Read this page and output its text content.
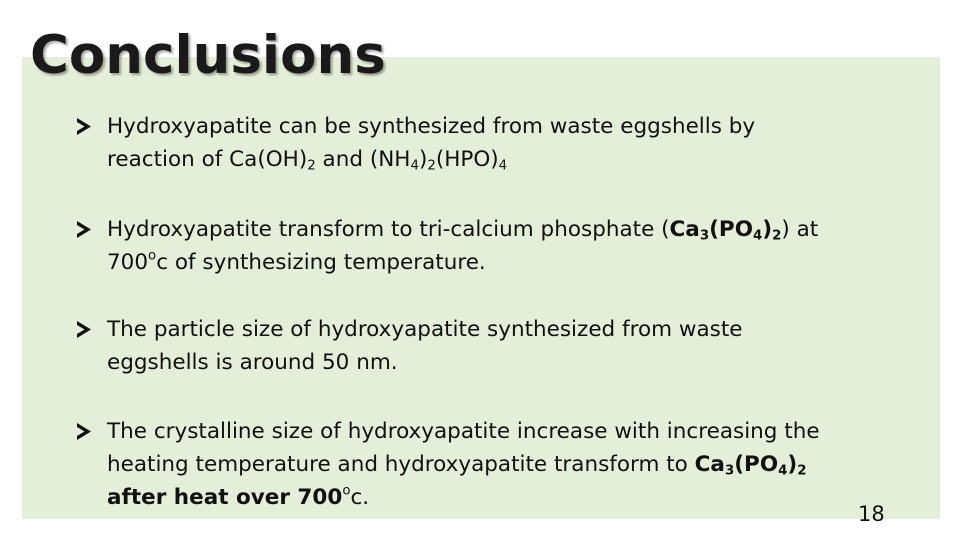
Conclusions
Hydroxyapatite can be synthesized from waste eggshells by
reaction of $Ca(OH)_2$ and $(NH_4)_2(HPO)_4$
Hydroxyapatite transform to tri-calcium phosphate $(Ca_3(PO_4)_2)$ at
700$^o$c of synthesizing temperature.
The particle size of hydroxyapatite synthesized from waste
eggshells is around 50 nm.
The crystalline size of hydroxyapatite increase with increasing the
heating temperature and hydroxyapatite transform to $Ca_3(PO_4)_2$
after heat over 700$^o$c.
18
